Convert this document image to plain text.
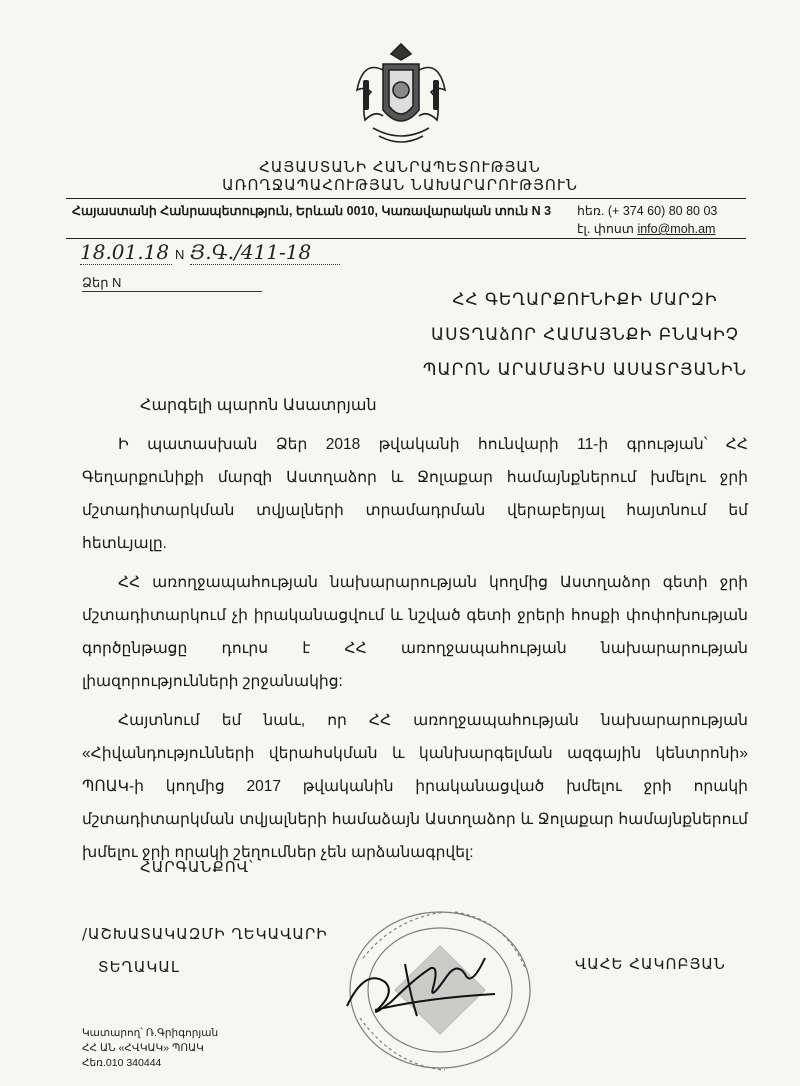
ՀԱՅԱՍՏԱՆԻ ՀԱՆՐԱՊԵՏՈՒԹՅԱՆ
ԱՌՈՂՋԱՊԱՀՈՒԹՅԱՆ ՆԱԽԱՐԱՐՈՒԹՅՈՒՆ
Հայաստանի Հանրապետություն, Երևան 0010, Կառավարական տուն N 3 հեռ. (+ 374 60) 80 80 03
էլ. փոստ info@moh.am
18.01.18 N Յ.Գ./411-18
Ձեր N
ՀՀ ԳԵՂԱՐՔՈՒՆԻՔԻ ՄԱՐԶԻ
ԱՍՏՂԱձՈՐ ՀԱՄԱՅՆՔԻ ԲՆԱԿԻՉ
ՊԱՐՈՆ ԱՐԱՄԱՅԻՍ ԱՍԱՏՐՅԱՆԻՆ
Հարգելի պարոն Ասատրյան

Ի պատասխան Ձեր 2018 թվականի հունվարի 11-ի գրության՝ ՀՀ Գեղարքունիքի մարզի Աստղաձոր և Ջոլաքար համայնքներում խմելու ջրի մշտադիտարկման տվյալների տրամադրման վերաբերյալ հայտնում եմ հետևյալը.

ՀՀ առողջապահության նախարարության կողմից Աստղաձոր գետի ջրի մշտադիտարկում չի իրականացվում և նշված գետի ջրերի հոսքի փոփոխության գործընթացը դուրս է ՀՀ առողջապահության նախարարության լիազորությունների շրջանակից:

Հայտնում եմ նաև, որ ՀՀ առողջապահության նախարարության «Հիվանդությունների վերահսկման և կանխարգելման ազգային կենտրոնի» ՊՈԱԿ-ի կողմից 2017 թվականին իրականացված խմելու ջրի որակի մշտադիտարկման տվյալների համաձայն Աստղաձոր և Ջոլաքար համայնքներում խմելու ջրի որակի շեղումներ չեն արձանագրվել:

ՀԱՐԳԱՆՔՈՎ՝
/ԱՇԽԱՏԱԿԱԶՄԻ ՂԵԿԱՎԱՐԻ
ՏԵՂԱԿԱԼ	ՎԱՀԵ ՀԱԿՈԲՅԱՆ
Կատարող՝ Ռ.Գրիգորյան
ՀՀ ԱՆ «ՀՎԿԱԿ» ՊՈԱԿ
Հեռ.010 340444
